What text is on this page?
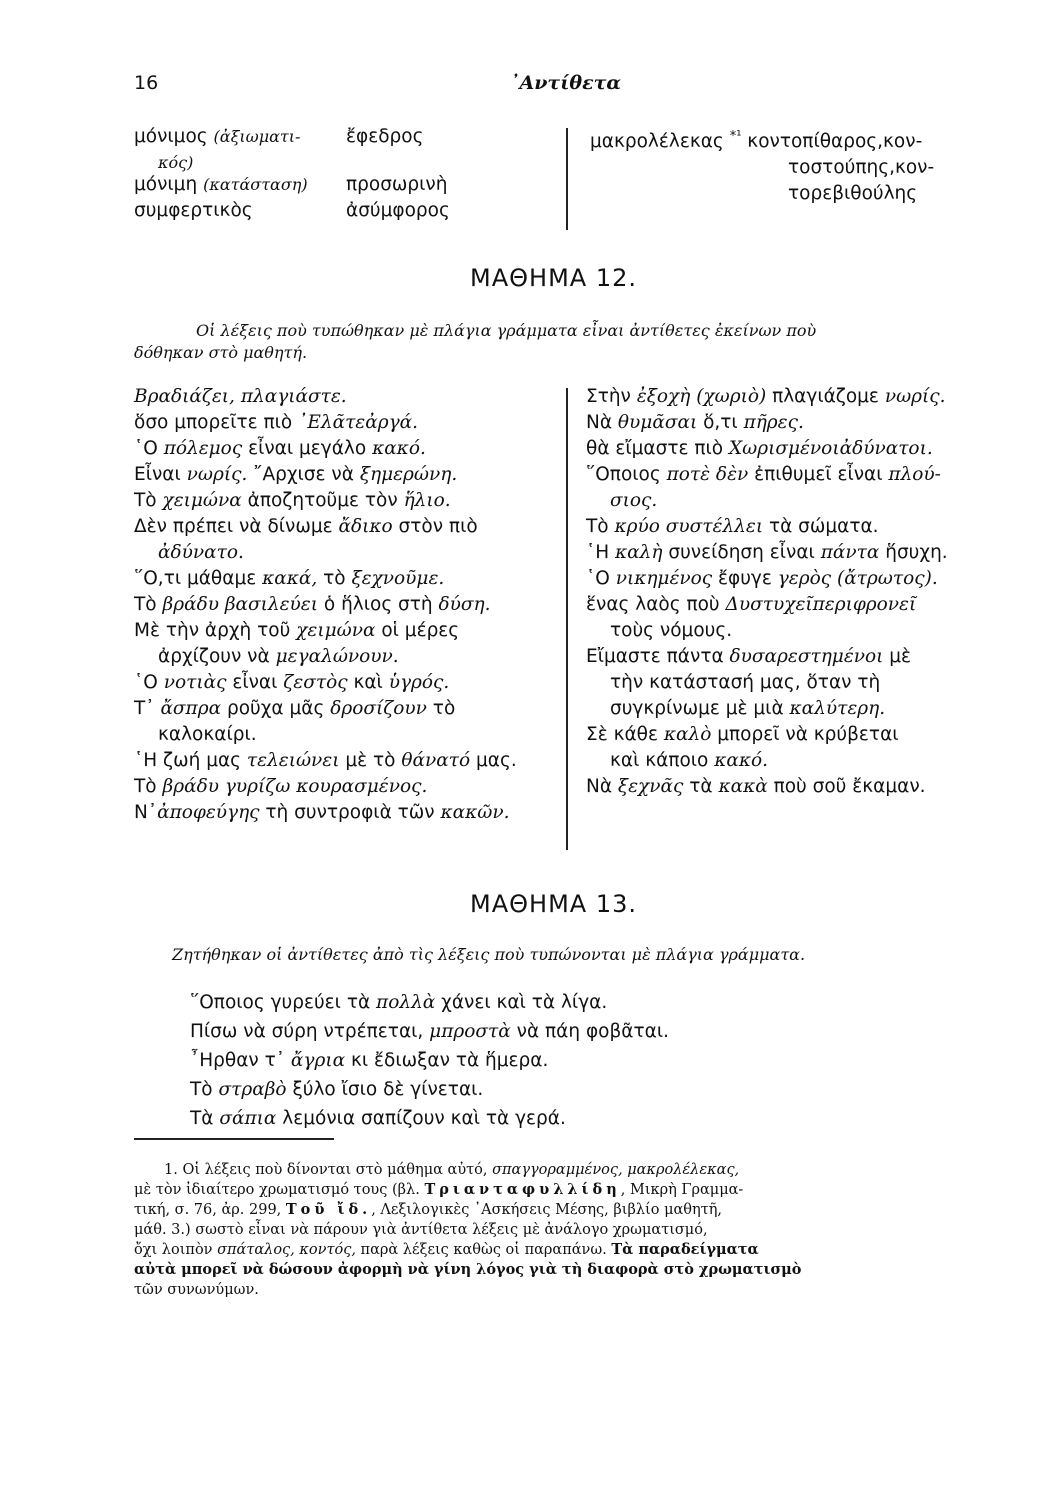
16	᾿Αντίθετα
μόνιμος (ἀξιωματι- ἔφεδρος
κός)
μόνιμη (κατάσταση) προσωρινὴ
συμφερτικὸς	ἀσύμφορος
μακρολέλεκας $^{*^1}$ κοντοπίθαρος,κον-
τοστούπης,κον-
τορεβιθούλης
ΜΑΘΗΜΑ 12.
Οἱ λέξεις ποὺ τυπώθηκαν μὲ πλάγια γράμματα εἶναι ἀντίθετες ἐκείνων ποὺ
δόθηκαν στὸ μαθητή.
Βραδιάζει, πλαγιάστε.
ὅσο μπορεῖτε πιὸ ᾿Ελᾶτεἀργά.
῾Ο πόλεμος εἶναι μεγάλο κακό.
Εἶναι νωρίς. ῎Αρχισε νὰ ξημερώνη.
Τὸ χειμώνα ἀποζητοῦμε τὸν ἥλιο.
Δὲν πρέπει νὰ δίνωμε ἄδικο στὸν πιὸ
ἀδύνατο.
῞Ο,τι μάθαμε κακά, τὸ ξεχνοῦμε.
Τὸ βράδυ βασιλεύει ὁ ἥλιος στὴ δύση.
Μὲ τὴν ἀρχὴ τοῦ χειμώνα οἱ μέρες
ἀρχίζουν νὰ μεγαλώνουν.
῾Ο νοτιὰς εἶναι ζεστὸς καὶ ὑγρός.
Τ᾿ ἄσπρα ροῦχα μᾶς δροσίζουν τὸ
καλοκαίρι.
῾Η ζωή μας τελειώνει μὲ τὸ θάνατό μας.
Τὸ βράδυ γυρίζω κουρασμένος.
Ν᾿ἀποφεύγης τὴ συντροφιὰ τῶν κακῶν.
Στὴν ἐξοχὴ (χωριὸ) πλαγιάζομε νωρίς.
Νὰ θυμᾶσαι ὅ,τι πῆρες.
θὰ εἴμαστε πιὸ Χωρισμένοιἀδύνατοι.
῞Οποιος ποτὲ δὲν ἐπιθυμεῖ εἶναι πλού-
σιος.
Τὸ κρύο συστέλλει τὰ σώματα.
῾Η καλὴ συνείδηση εἶναι πάντα ἥσυχη.
῾Ο νικημένος ἔφυγε γερὸς (ἄτρωτος).
ἕνας λαὸς ποὺ Δυστυχεῖπεριφρονεῖ
τοὺς νόμους.
Εἴμαστε πάντα δυσαρεστημένοι μὲ
τὴν κατάστασή μας, ὅταν τὴ
συγκρίνωμε μὲ μιὰ καλύτερη.
Σὲ κάθε καλὸ μπορεῖ νὰ κρύβεται
καὶ κάποιο κακό.
Νὰ ξεχνᾶς τὰ κακὰ ποὺ σοῦ ἔκαμαν.
ΜΑΘΗΜΑ 13.
Ζητήθηκαν οἱ ἀντίθετες ἀπὸ τὶς λέξεις ποὺ τυπώνονται μὲ πλάγια γράμματα.
῞Οποιος γυρεύει τὰ πολλὰ χάνει καὶ τὰ λίγα.
Πίσω νὰ σύρη ντρέπεται, μπροστὰ νὰ πάη φοβᾶται.
῏Ηρθαν τ᾿ ἄγρια κι ἔδιωξαν τὰ ἥμερα.
Τὸ στραβὸ ξύλο ἴσιο δὲ γίνεται.
Τὰ σάπια λεμόνια σαπίζουν καὶ τὰ γερά.
1. Οἱ λέξεις ποὺ δίνονται στὸ μάθημα αὐτό, σπαγγοραμμένος, μακρολέλεκας,
μὲ τὸν ἰδιαίτερο χρωματισμό τους (βλ. Τριανταφυλλίδη, Μικρὴ Γραμμα-
τική, σ. 76, ἀρ. 299, Τοῦ ἴδ., Λεξιλογικὲς ᾿Ασκήσεις Μέσης, βιβλίο μαθητῆ,
μάθ. 3.) σωστὸ εἶναι νὰ πάρουν γιὰ ἀντίθετα λέξεις μὲ ἀνάλογο χρωματισμό,
ὄχι λοιπὸν σπάταλος, κοντός, παρὰ λέξεις καθὼς οἱ παραπάνω. Τὰ παραδείγματα
αὐτὰ μπορεῖ νὰ δώσουν ἀφορμὴ νὰ γίνη λόγος γιὰ τὴ διαφορὰ στὸ χρωματισμὸ
τῶν συνωνύμων.
